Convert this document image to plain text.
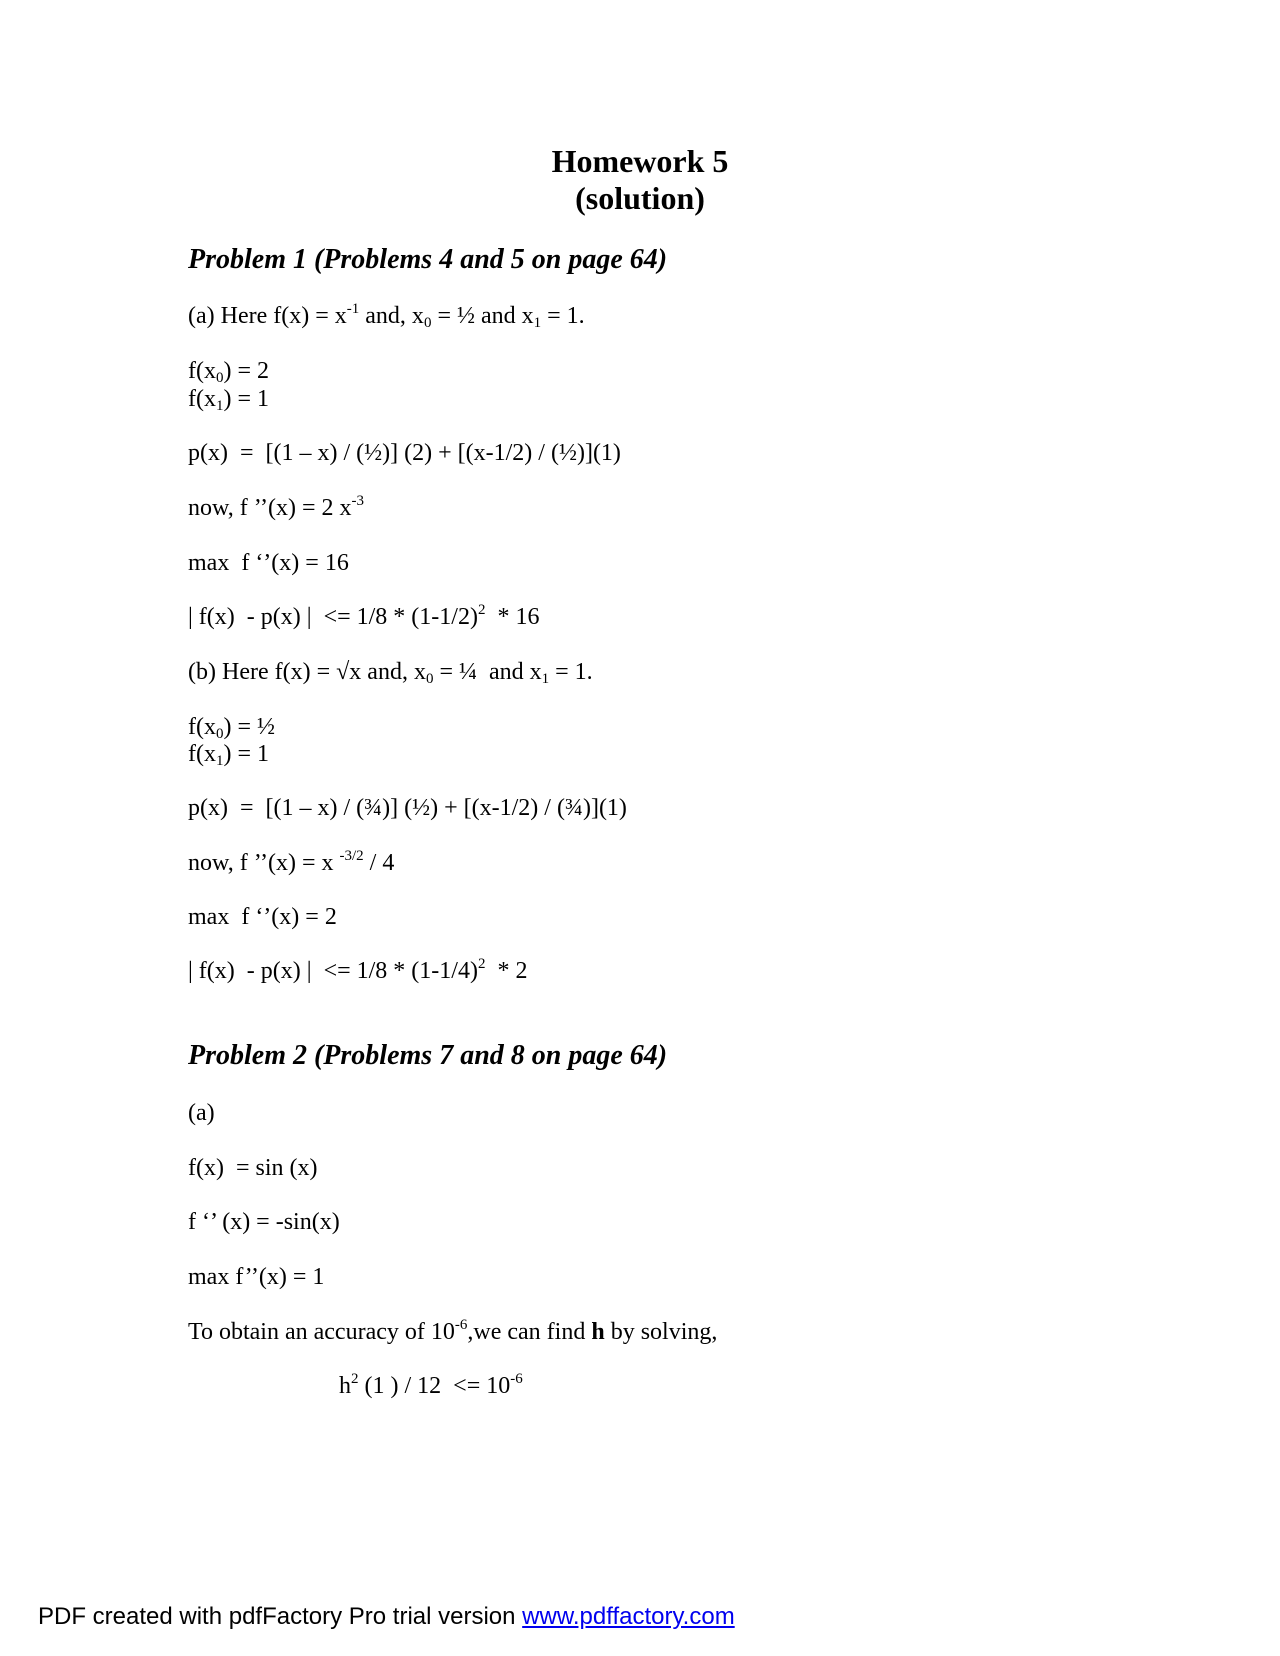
Homework 5
(solution)
Problem 1 (Problems 4 and 5 on page 64)
(a) Here $f(x) = x^{-1}$ and, $x_0$ = ½ and $x_1 = 1$.
$f(x_0) = 2$
$f(x_1) = 1$
p(x)  =  [(1 – x) / (½)] (2) + [(x-1/2) / (½)](1)
now, f ’’(x) = 2 $x^{-3}$
max  f ‘’(x) = 16
| f(x)  - p(x) |  <= $1/8 * (1-1/2)^2 * 16$
(b) Here f(x) = √x and, $x_0$ = ¼  and $x_1 = 1$.
$f(x_0)$ = ½
$f(x_1) = 1$
p(x)  =  [(1 – x) / (¾)] (½) + [(x-1/2) / (¾)](1)
now, f ’’(x) = x $^{-3/2}$ / 4
max  f ‘’(x) = 2
| f(x)  - p(x) |  <= $1/8 * (1-1/4)^2 * 2$
Problem 2 (Problems 7 and 8 on page 64)
(a)
f(x)  = sin (x)
f ‘’ (x) = -sin(x)
max f’’(x) = 1
To obtain an accuracy of $10^{-6},we$ can find h by solving,
$h^2$ (1 ) / $12 <= 10^{-6}$
PDF created with pdfFactory Pro trial version www.pdffactory.com
